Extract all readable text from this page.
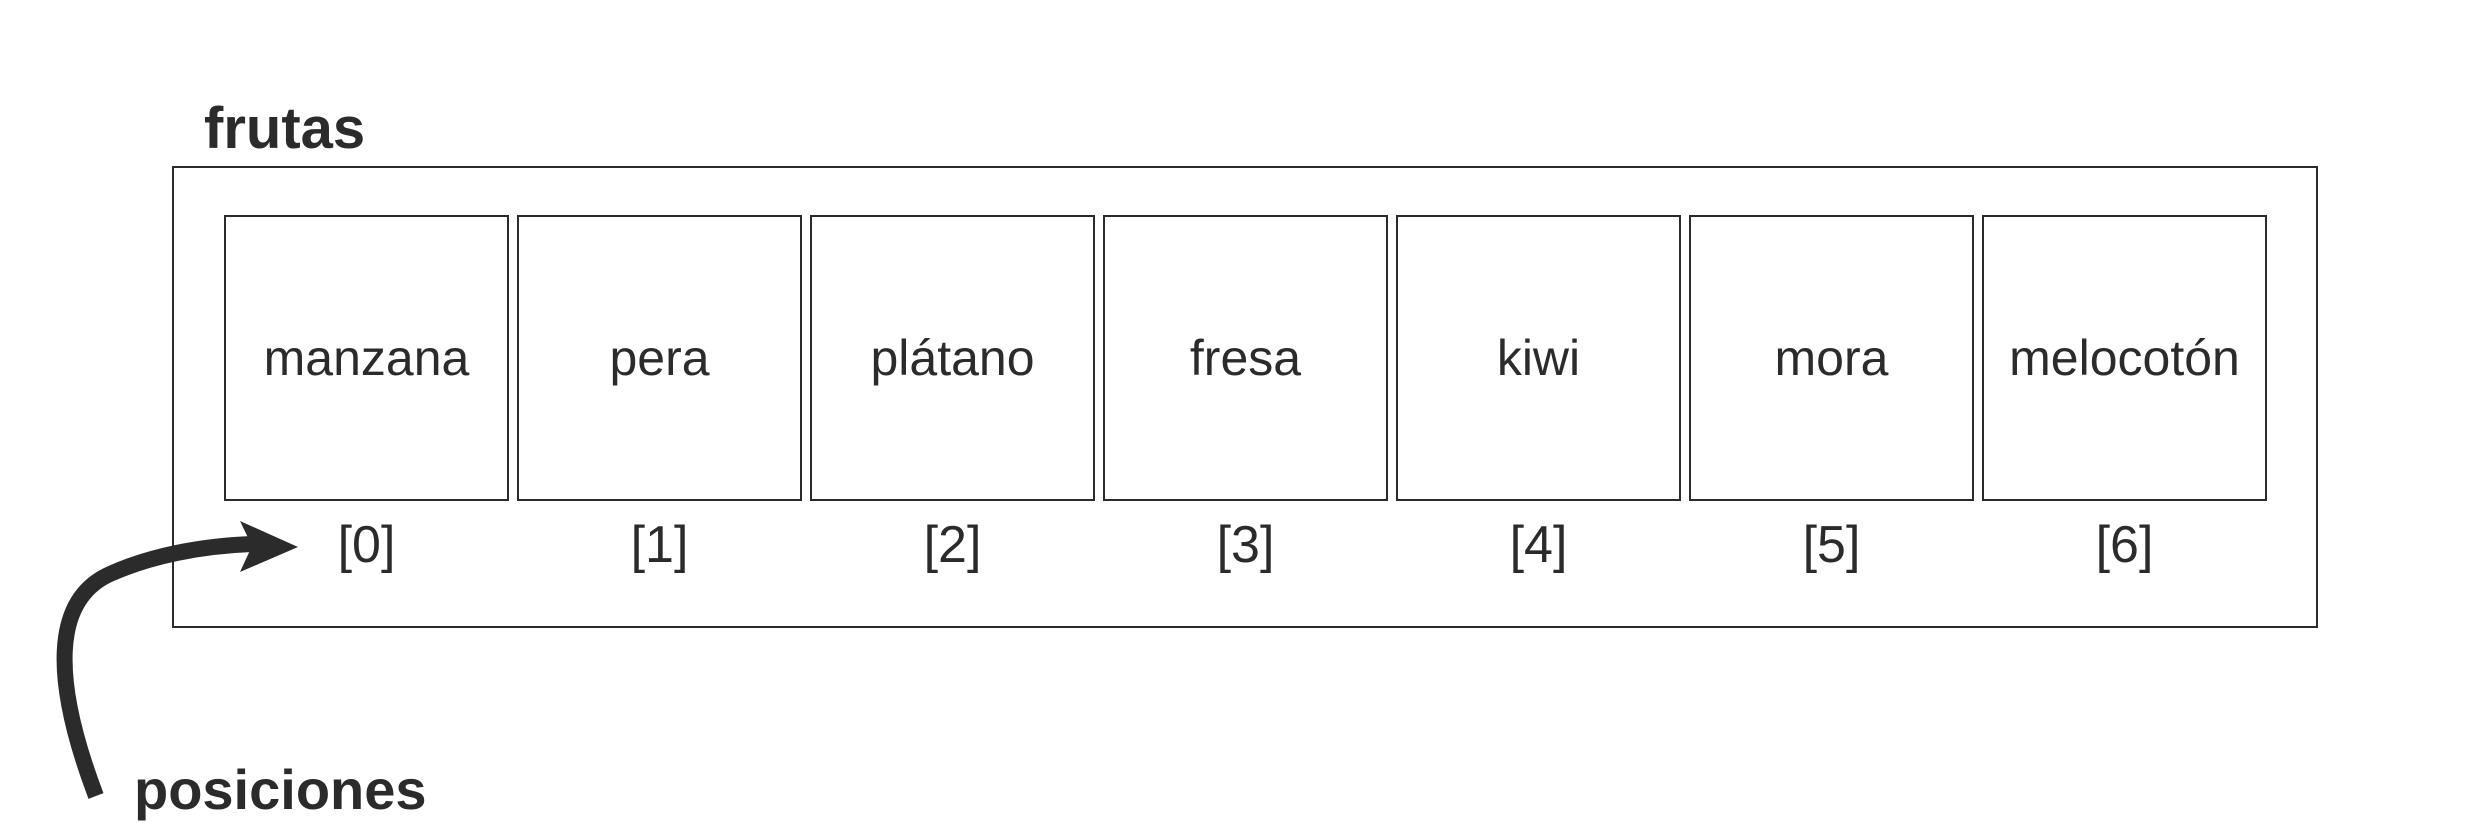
frutas
manzana	pera	plátano	fresa	kiwi	mora	melocotón
[0]	[1]	[2]	[3]	[4]	[5]	[6]
posiciones
